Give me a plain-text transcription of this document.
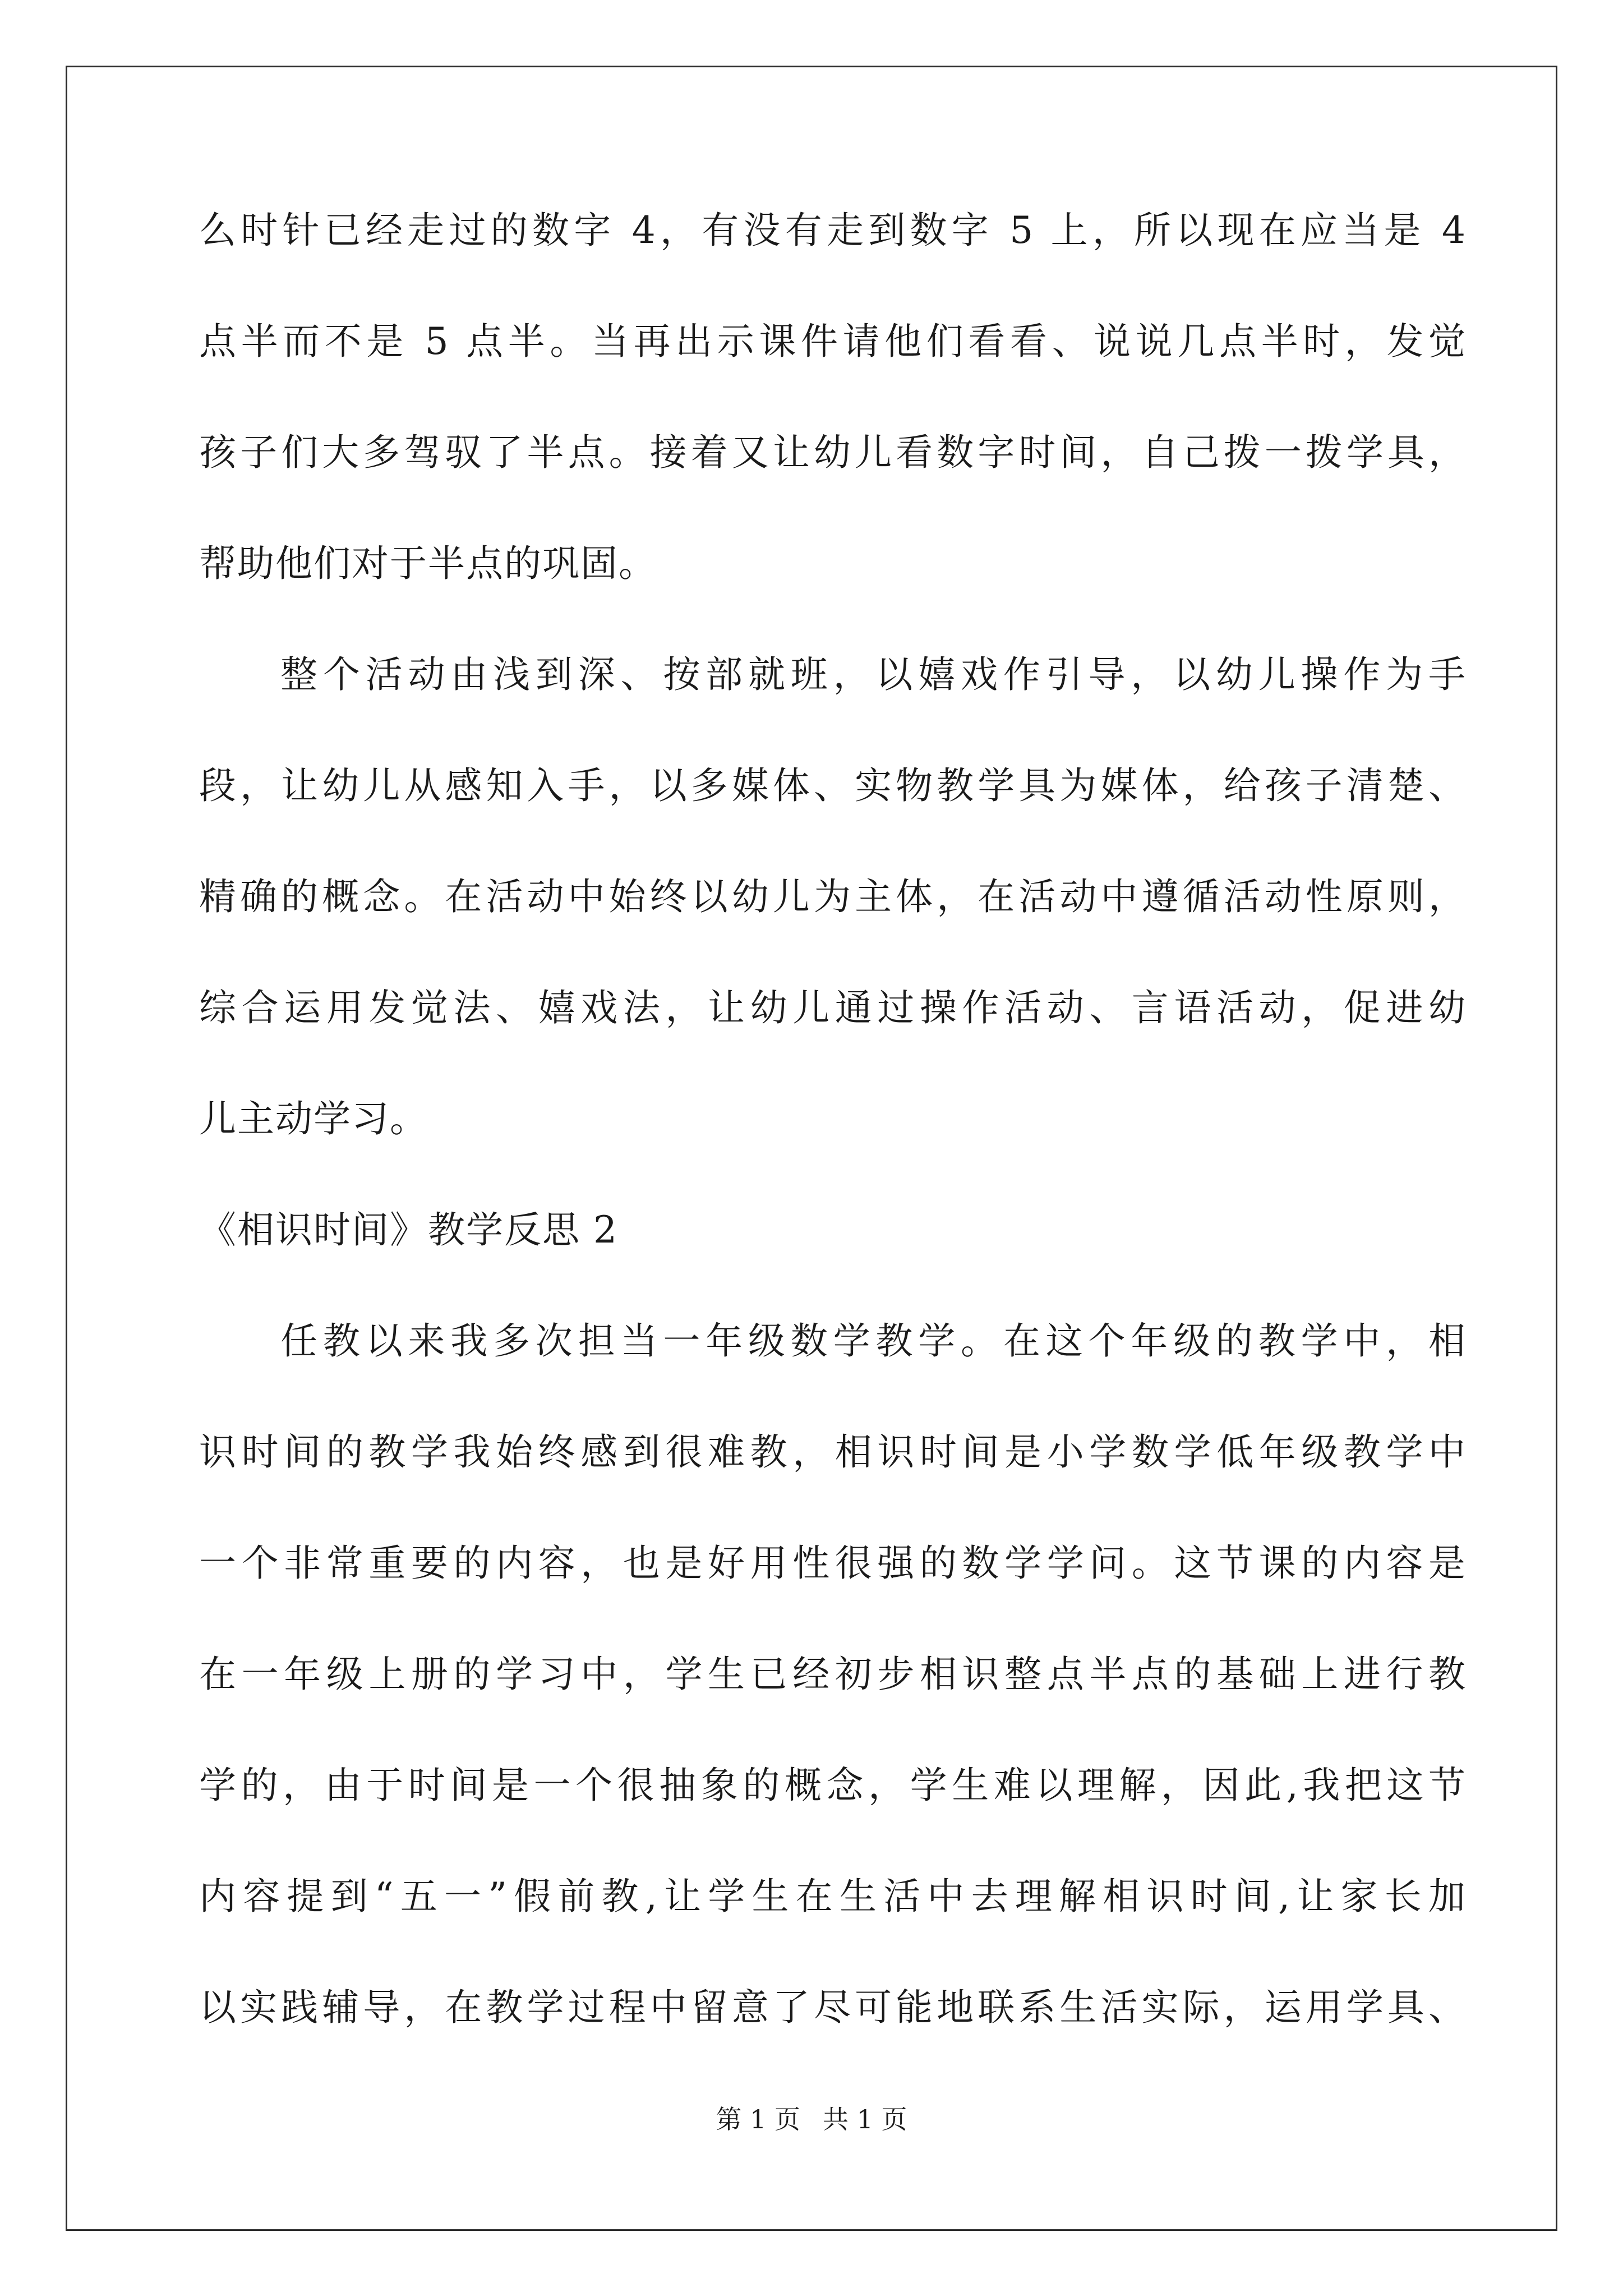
么时针已经走过的数字 4，有没有走到数字 5 上，所以现在应当是 4
点半而不是 5 点半。当再出示课件请他们看看、说说几点半时，发觉
孩子们大多驾驭了半点。接着又让幼儿看数字时间，自己拨一拨学具，
帮助他们对于半点的巩固。
整个活动由浅到深、按部就班，以嬉戏作引导，以幼儿操作为手
段，让幼儿从感知入手，以多媒体、实物教学具为媒体，给孩子清楚、
精确的概念。在活动中始终以幼儿为主体，在活动中遵循活动性原则，
综合运用发觉法、嬉戏法，让幼儿通过操作活动、言语活动，促进幼
儿主动学习。
《相识时间》教学反思 2
任教以来我多次担当一年级数学教学。在这个年级的教学中，相
识时间的教学我始终感到很难教，相识时间是小学数学低年级教学中
一个非常重要的内容，也是好用性很强的数学学问。这节课的内容是
在一年级上册的学习中，学生已经初步相识整点半点的基础上进行教
学的，由于时间是一个很抽象的概念，学生难以理解，因此,我把这节
内容提到“五一”假前教,让学生在生活中去理解相识时间,让家长加
以实践辅导，在教学过程中留意了尽可能地联系生活实际，运用学具、
第 1 页 共 1 页
